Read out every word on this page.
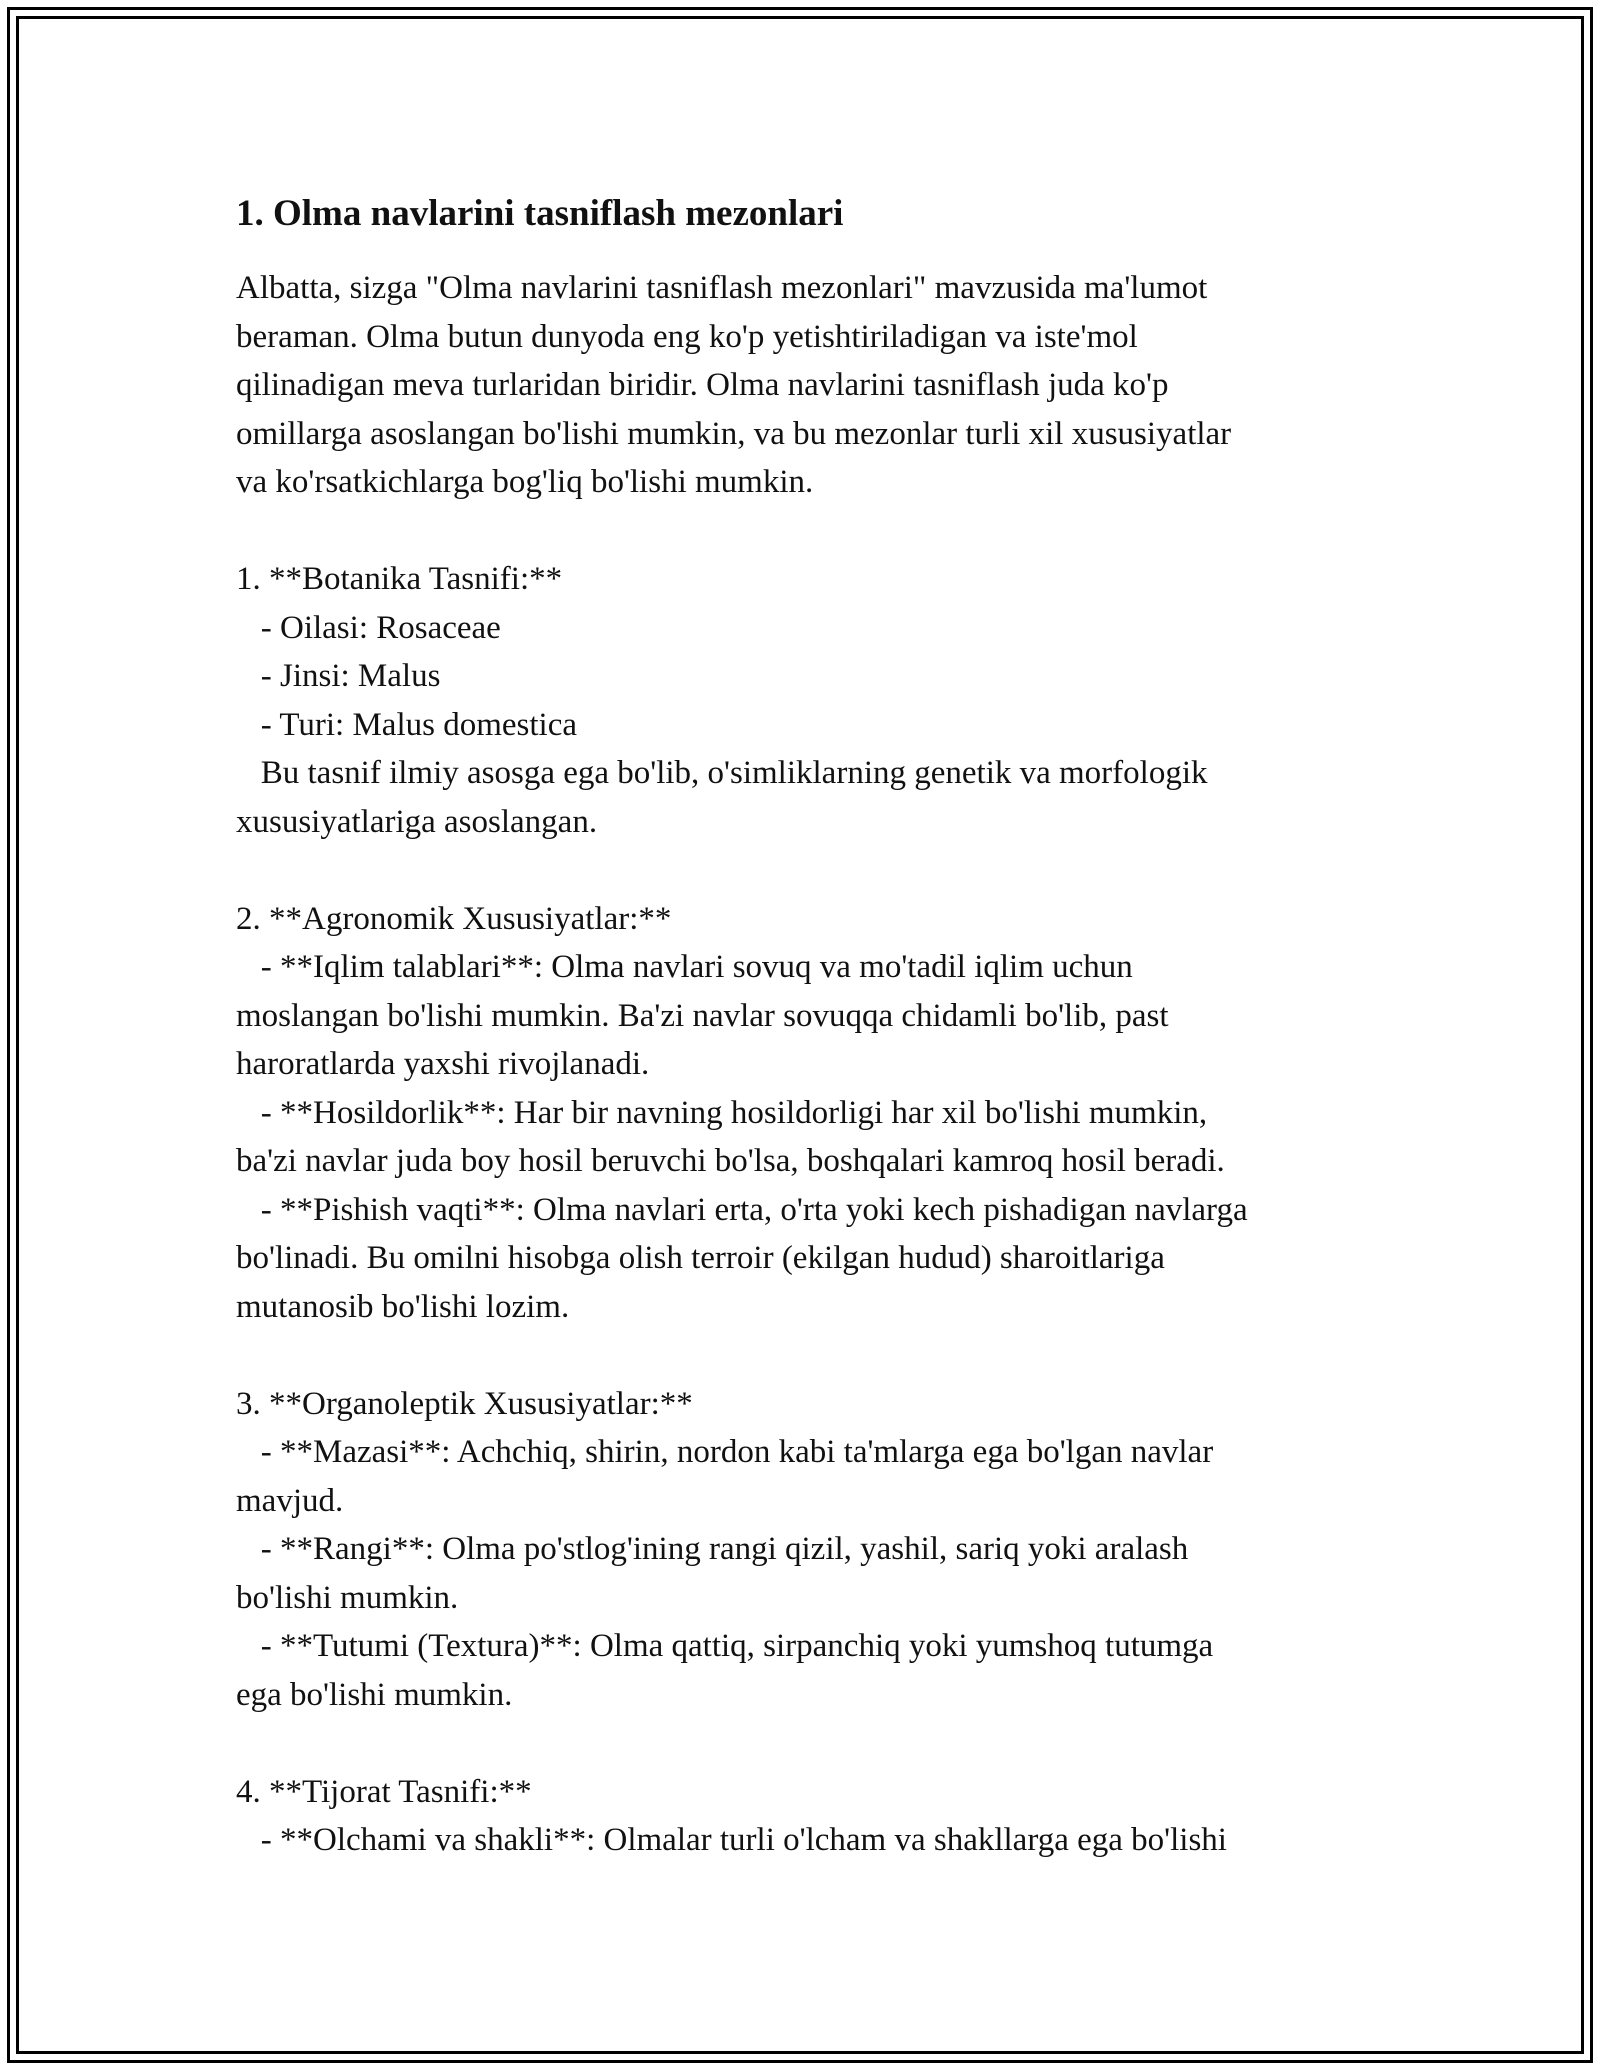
1. Olma navlarini tasniflash mezonlari
Albatta, sizga "Olma navlarini tasniflash mezonlari" mavzusida ma'lumot
beraman. Olma butun dunyoda eng ko'p yetishtiriladigan va iste'mol
qilinadigan meva turlaridan biridir. Olma navlarini tasniflash juda ko'p
omillarga asoslangan bo'lishi mumkin, va bu mezonlar turli xil xususiyatlar
va ko'rsatkichlarga bog'liq bo'lishi mumkin.
1. **Botanika Tasnifi:**
- Oilasi: Rosaceae
- Jinsi: Malus
- Turi: Malus domestica
Bu tasnif ilmiy asosga ega bo'lib, o'simliklarning genetik va morfologik
xususiyatlariga asoslangan.
2. **Agronomik Xususiyatlar:**
- **Iqlim talablari**: Olma navlari sovuq va mo'tadil iqlim uchun
moslangan bo'lishi mumkin. Ba'zi navlar sovuqqa chidamli bo'lib, past
haroratlarda yaxshi rivojlanadi.
- **Hosildorlik**: Har bir navning hosildorligi har xil bo'lishi mumkin,
ba'zi navlar juda boy hosil beruvchi bo'lsa, boshqalari kamroq hosil beradi.
- **Pishish vaqti**: Olma navlari erta, o'rta yoki kech pishadigan navlarga
bo'linadi. Bu omilni hisobga olish terroir (ekilgan hudud) sharoitlariga
mutanosib bo'lishi lozim.
3. **Organoleptik Xususiyatlar:**
- **Mazasi**: Achchiq, shirin, nordon kabi ta'mlarga ega bo'lgan navlar
mavjud.
- **Rangi**: Olma po'stlog'ining rangi qizil, yashil, sariq yoki aralash
bo'lishi mumkin.
- **Tutumi (Textura)**: Olma qattiq, sirpanchiq yoki yumshoq tutumga
ega bo'lishi mumkin.
4. **Tijorat Tasnifi:**
- **Olchami va shakli**: Olmalar turli o'lcham va shakllarga ega bo'lishi
